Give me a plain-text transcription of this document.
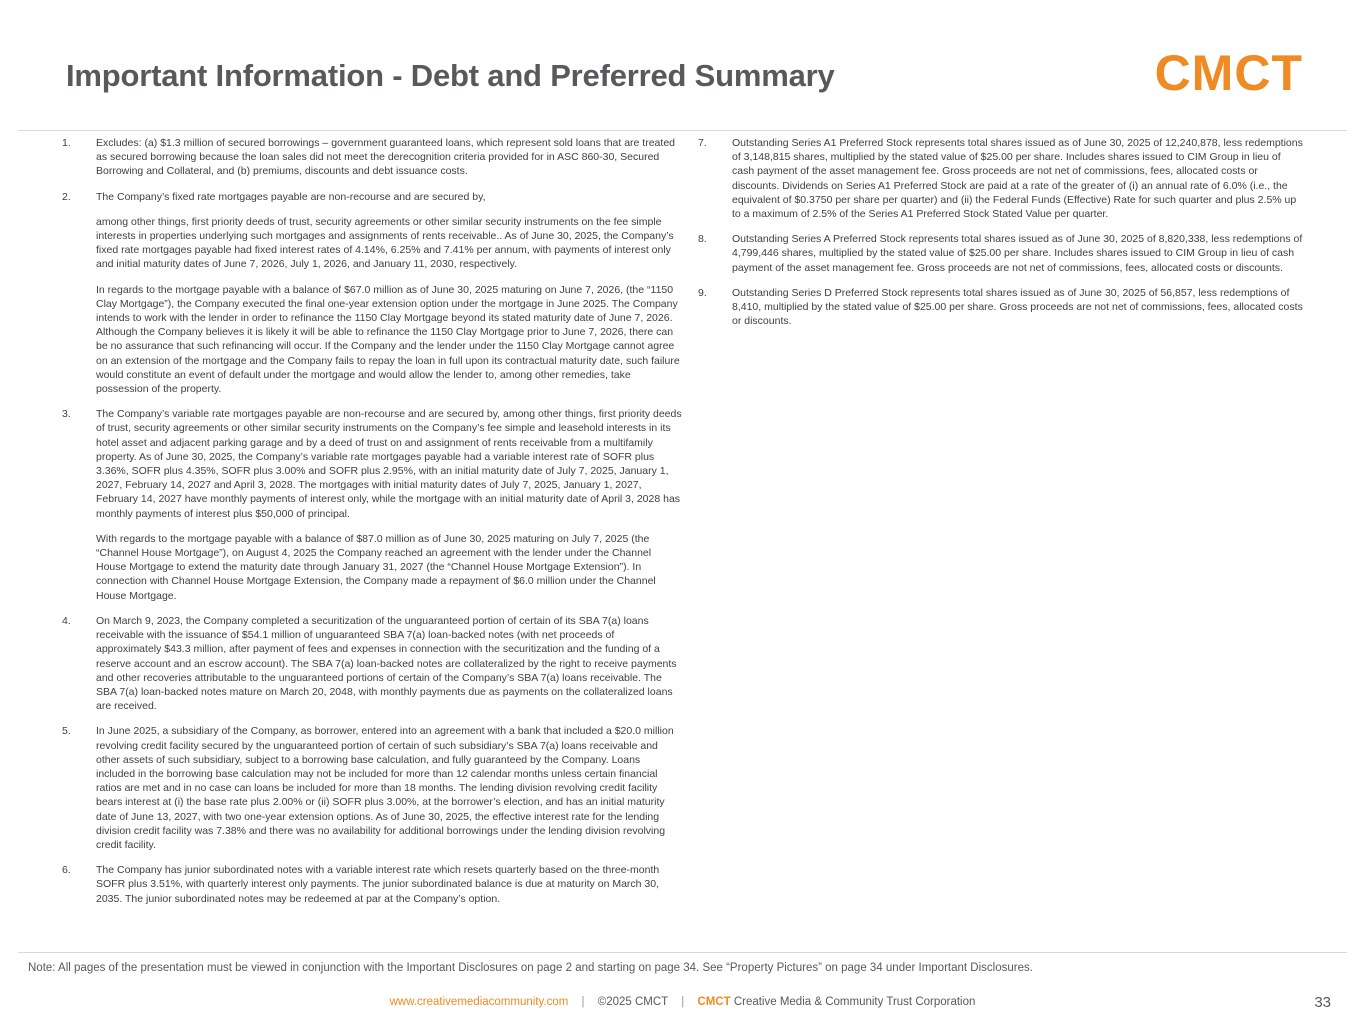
Important Information - Debt and Preferred Summary	CMCT
1.	Excludes: (a) $1.3 million of secured borrowings – government guaranteed loans, which represent sold loans that are treated as secured borrowing because the loan sales did not meet the derecognition criteria provided for in ASC 860-30, Secured Borrowing and Collateral, and (b) premiums, discounts and debt issuance costs.

2.	The Company’s fixed rate mortgages payable are non-recourse and are secured by,

among other things, first priority deeds of trust, security agreements or other similar security instruments on the fee simple interests in properties underlying such mortgages and assignments of rents receivable.. As of June 30, 2025, the Company’s fixed rate mortgages payable had fixed interest rates of 4.14%, 6.25% and 7.41% per annum, with payments of interest only and initial maturity dates of June 7, 2026, July 1, 2026, and January 11, 2030, respectively.

In regards to the mortgage payable with a balance of $67.0 million as of June 30, 2025 maturing on June 7, 2026, (the “1150 Clay Mortgage”), the Company executed the final one-year extension option under the mortgage in June 2025. The Company intends to work with the lender in order to refinance the 1150 Clay Mortgage beyond its stated maturity date of June 7, 2026. Although the Company believes it is likely it will be able to refinance the 1150 Clay Mortgage prior to June 7, 2026, there can be no assurance that such refinancing will occur. If the Company and the lender under the 1150 Clay Mortgage cannot agree on an extension of the mortgage and the Company fails to repay the loan in full upon its contractual maturity date, such failure would constitute an event of default under the mortgage and would allow the lender to, among other remedies, take possession of the property.

3.	The Company’s variable rate mortgages payable are non-recourse and are secured by, among other things, first priority deeds of trust, security agreements or other similar security instruments on the Company’s fee simple and leasehold interests in its hotel asset and adjacent parking garage and by a deed of trust on and assignment of rents receivable from a multifamily property. As of June 30, 2025, the Company’s variable rate mortgages payable had a variable interest rate of SOFR plus 3.36%, SOFR plus 4.35%, SOFR plus 3.00% and SOFR plus 2.95%, with an initial maturity date of July 7, 2025, January 1, 2027, February 14, 2027 and April 3, 2028. The mortgages with initial maturity dates of July 7, 2025, January 1, 2027, February 14, 2027 have monthly payments of interest only, while the mortgage with an initial maturity date of April 3, 2028 has monthly payments of interest plus $50,000 of principal.

With regards to the mortgage payable with a balance of $87.0 million as of June 30, 2025 maturing on July 7, 2025 (the “Channel House Mortgage”), on August 4, 2025 the Company reached an agreement with the lender under the Channel House Mortgage to extend the maturity date through January 31, 2027 (the “Channel House Mortgage Extension”). In connection with Channel House Mortgage Extension, the Company made a repayment of $6.0 million under the Channel House Mortgage.

4.	On March 9, 2023, the Company completed a securitization of the unguaranteed portion of certain of its SBA 7(a) loans receivable with the issuance of $54.1 million of unguaranteed SBA 7(a) loan-backed notes (with net proceeds of approximately $43.3 million, after payment of fees and expenses in connection with the securitization and the funding of a reserve account and an escrow account). The SBA 7(a) loan-backed notes are collateralized by the right to receive payments and other recoveries attributable to the unguaranteed portions of certain of the Company’s SBA 7(a) loans receivable. The SBA 7(a) loan-backed notes mature on March 20, 2048, with monthly payments due as payments on the collateralized loans are received.

5.	In June 2025, a subsidiary of the Company, as borrower, entered into an agreement with a bank that included a $20.0 million revolving credit facility secured by the unguaranteed portion of certain of such subsidiary’s SBA 7(a) loans receivable and other assets of such subsidiary, subject to a borrowing base calculation, and fully guaranteed by the Company. Loans included in the borrowing base calculation may not be included for more than 12 calendar months unless certain financial ratios are met and in no case can loans be included for more than 18 months. The lending division revolving credit facility bears interest at (i) the base rate plus 2.00% or (ii) SOFR plus 3.00%, at the borrower’s election, and has an initial maturity date of June 13, 2027, with two one-year extension options. As of June 30, 2025, the effective interest rate for the lending division credit facility was 7.38% and there was no availability for additional borrowings under the lending division revolving credit facility.

6.	The Company has junior subordinated notes with a variable interest rate which resets quarterly based on the three-month SOFR plus 3.51%, with quarterly interest only payments. The junior subordinated balance is due at maturity on March 30, 2035. The junior subordinated notes may be redeemed at par at the Company’s option.

7.	Outstanding Series A1 Preferred Stock represents total shares issued as of June 30, 2025 of 12,240,878, less redemptions of 3,148,815 shares, multiplied by the stated value of $25.00 per share. Includes shares issued to CIM Group in lieu of cash payment of the asset management fee. Gross proceeds are not net of commissions, fees, allocated costs or discounts. Dividends on Series A1 Preferred Stock are paid at a rate of the greater of (i) an annual rate of 6.0% (i.e., the equivalent of $0.3750 per share per quarter) and (ii) the Federal Funds (Effective) Rate for such quarter and plus 2.5% up to a maximum of 2.5% of the Series A1 Preferred Stock Stated Value per quarter.

8.	Outstanding Series A Preferred Stock represents total shares issued as of June 30, 2025 of 8,820,338, less redemptions of 4,799,446 shares, multiplied by the stated value of $25.00 per share. Includes shares issued to CIM Group in lieu of cash payment of the asset management fee. Gross proceeds are not net of commissions, fees, allocated costs or discounts.

9.	Outstanding Series D Preferred Stock represents total shares issued as of June 30, 2025 of 56,857, less redemptions of 8,410, multiplied by the stated value of $25.00 per share. Gross proceeds are not net of commissions, fees, allocated costs or discounts.

Note: All pages of the presentation must be viewed in conjunction with the Important Disclosures on page 2 and starting on page 34. See “Property Pictures” on page 34 under Important Disclosures.
www.creativemediacommunity.com | ©2025 CMCT | CMCT Creative Media & Community Trust Corporation	33
